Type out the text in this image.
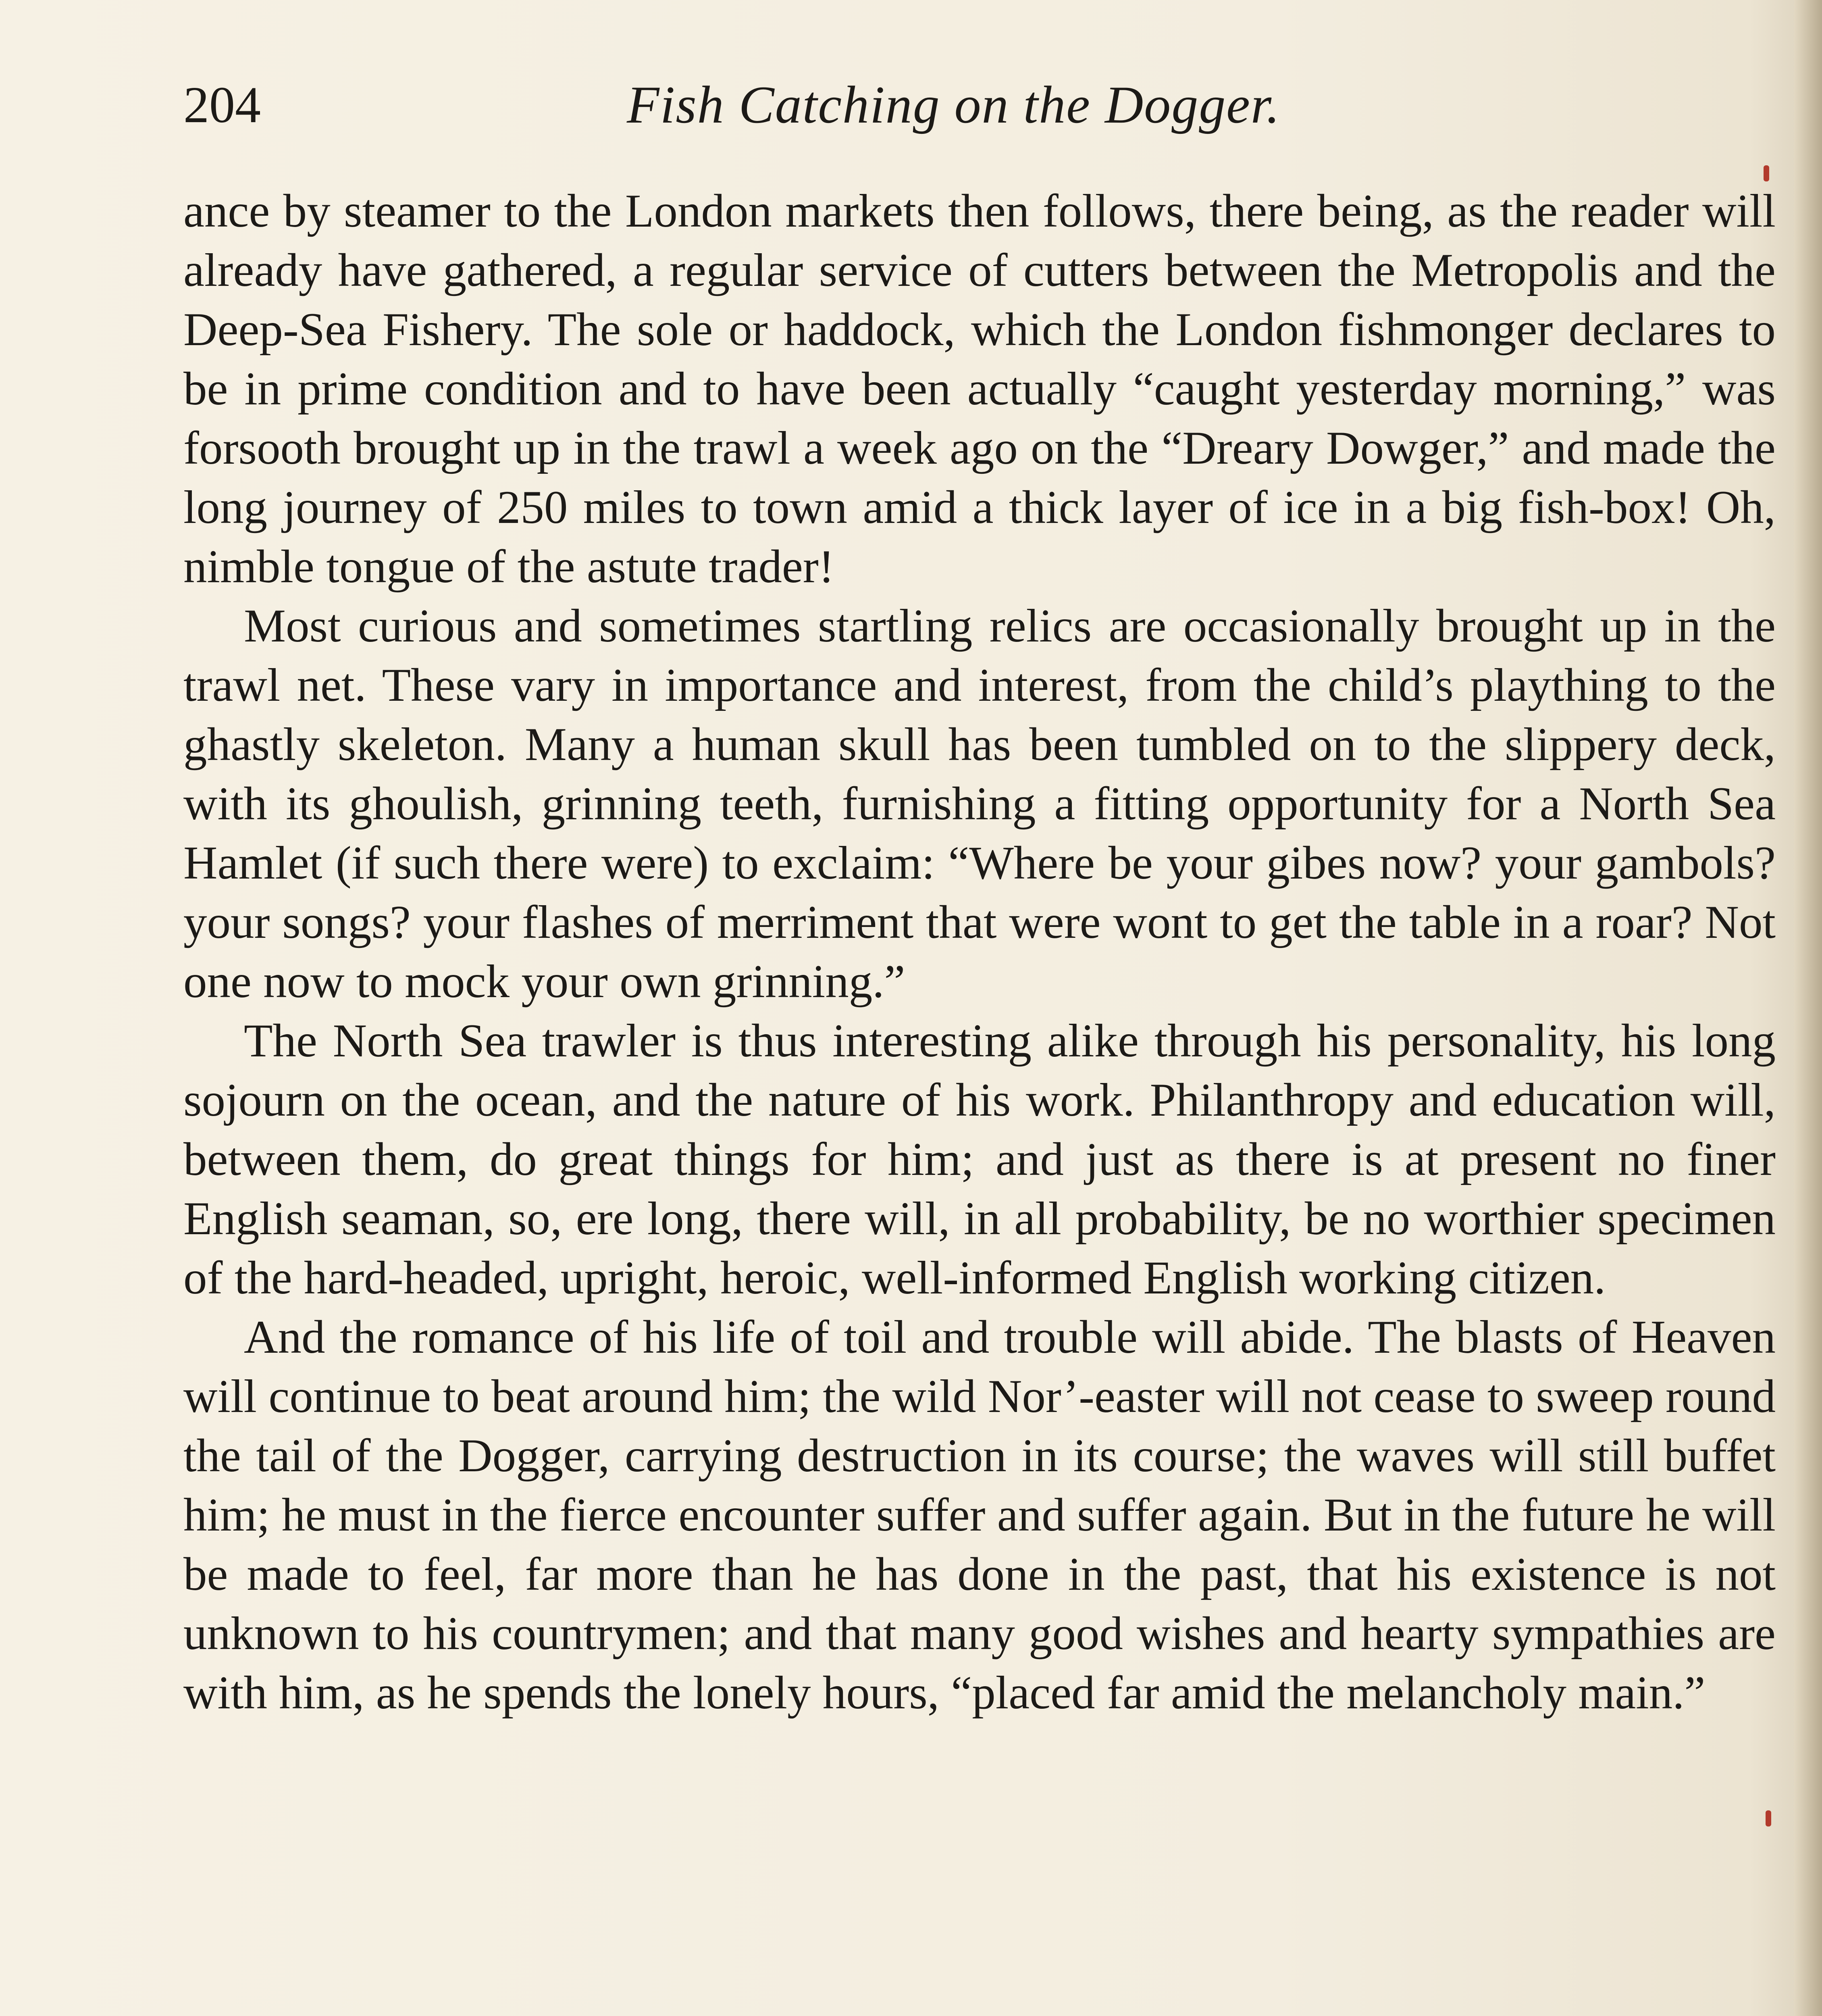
204	Fish Catching on the Dogger.

ance by steamer to the London markets then follows, there being, as the reader will already have gathered, a regular service of cutters between the Metropolis and the Deep-Sea Fishery. The sole or haddock, which the London fishmonger declares to be in prime condition and to have been actually “caught yesterday morning,” was forsooth brought up in the trawl a week ago on the “Dreary Dowger,” and made the long journey of 250 miles to town amid a thick layer of ice in a big fish-box! Oh, nimble tongue of the astute trader!

Most curious and sometimes startling relics are occasionally brought up in the trawl net. These vary in importance and interest, from the child’s plaything to the ghastly skeleton. Many a human skull has been tumbled on to the slippery deck, with its ghoulish, grinning teeth, furnishing a fitting opportunity for a North Sea Hamlet (if such there were) to exclaim: “Where be your gibes now? your gambols? your songs? your flashes of merriment that were wont to get the table in a roar? Not one now to mock your own grinning.”

The North Sea trawler is thus interesting alike through his personality, his long sojourn on the ocean, and the nature of his work. Philanthropy and education will, between them, do great things for him; and just as there is at present no finer English seaman, so, ere long, there will, in all probability, be no worthier specimen of the hard-headed, upright, heroic, well-informed English working citizen.

And the romance of his life of toil and trouble will abide. The blasts of Heaven will continue to beat around him; the wild Nor’-easter will not cease to sweep round the tail of the Dogger, carrying destruction in its course; the waves will still buffet him; he must in the fierce encounter suffer and suffer again. But in the future he will be made to feel, far more than he has done in the past, that his existence is not unknown to his countrymen; and that many good wishes and hearty sympathies are with him, as he spends the lonely hours, “placed far amid the melancholy main.”
